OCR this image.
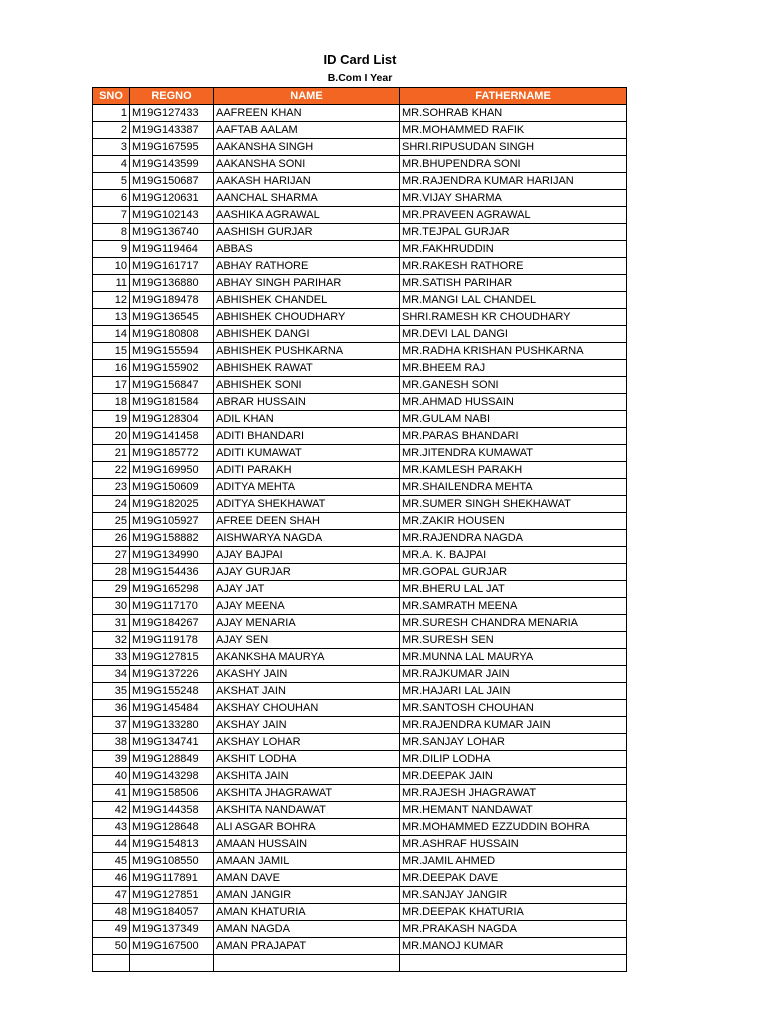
ID Card List
B.Com I Year
SNO	REGNO	NAME	FATHERNAME
1	M19G127433	AAFREEN KHAN	MR.SOHRAB KHAN
2	M19G143387	AAFTAB AALAM	MR.MOHAMMED RAFIK
3	M19G167595	AAKANSHA SINGH	SHRI.RIPUSUDAN SINGH
4	M19G143599	AAKANSHA SONI	MR.BHUPENDRA SONI
5	M19G150687	AAKASH HARIJAN	MR.RAJENDRA KUMAR HARIJAN
6	M19G120631	AANCHAL SHARMA	MR.VIJAY SHARMA
7	M19G102143	AASHIKA AGRAWAL	MR.PRAVEEN AGRAWAL
8	M19G136740	AASHISH GURJAR	MR.TEJPAL GURJAR
9	M19G119464	ABBAS	MR.FAKHRUDDIN
10	M19G161717	ABHAY RATHORE	MR.RAKESH RATHORE
11	M19G136880	ABHAY SINGH PARIHAR	MR.SATISH PARIHAR
12	M19G189478	ABHISHEK CHANDEL	MR.MANGI LAL CHANDEL
13	M19G136545	ABHISHEK CHOUDHARY	SHRI.RAMESH KR CHOUDHARY
14	M19G180808	ABHISHEK DANGI	MR.DEVI LAL DANGI
15	M19G155594	ABHISHEK PUSHKARNA	MR.RADHA KRISHAN PUSHKARNA
16	M19G155902	ABHISHEK RAWAT	MR.BHEEM RAJ
17	M19G156847	ABHISHEK SONI	MR.GANESH SONI
18	M19G181584	ABRAR HUSSAIN	MR.AHMAD HUSSAIN
19	M19G128304	ADIL KHAN	MR.GULAM NABI
20	M19G141458	ADITI BHANDARI	MR.PARAS BHANDARI
21	M19G185772	ADITI KUMAWAT	MR.JITENDRA KUMAWAT
22	M19G169950	ADITI PARAKH	MR.KAMLESH PARAKH
23	M19G150609	ADITYA MEHTA	MR.SHAILENDRA MEHTA
24	M19G182025	ADITYA SHEKHAWAT	MR.SUMER SINGH SHEKHAWAT
25	M19G105927	AFREE DEEN SHAH	MR.ZAKIR HOUSEN
26	M19G158882	AISHWARYA NAGDA	MR.RAJENDRA NAGDA
27	M19G134990	AJAY BAJPAI	MR.A. K. BAJPAI
28	M19G154436	AJAY GURJAR	MR.GOPAL GURJAR
29	M19G165298	AJAY JAT	MR.BHERU LAL JAT
30	M19G117170	AJAY MEENA	MR.SAMRATH MEENA
31	M19G184267	AJAY MENARIA	MR.SURESH CHANDRA MENARIA
32	M19G119178	AJAY SEN	MR.SURESH SEN
33	M19G127815	AKANKSHA MAURYA	MR.MUNNA LAL MAURYA
34	M19G137226	AKASHY JAIN	MR.RAJKUMAR JAIN
35	M19G155248	AKSHAT JAIN	MR.HAJARI LAL JAIN
36	M19G145484	AKSHAY CHOUHAN	MR.SANTOSH CHOUHAN
37	M19G133280	AKSHAY JAIN	MR.RAJENDRA KUMAR JAIN
38	M19G134741	AKSHAY LOHAR	MR.SANJAY LOHAR
39	M19G128849	AKSHIT LODHA	MR.DILIP LODHA
40	M19G143298	AKSHITA JAIN	MR.DEEPAK JAIN
41	M19G158506	AKSHITA JHAGRAWAT	MR.RAJESH JHAGRAWAT
42	M19G144358	AKSHITA NANDAWAT	MR.HEMANT NANDAWAT
43	M19G128648	ALI ASGAR BOHRA	MR.MOHAMMED EZZUDDIN BOHRA
44	M19G154813	AMAAN HUSSAIN	MR.ASHRAF HUSSAIN
45	M19G108550	AMAAN JAMIL	MR.JAMIL AHMED
46	M19G117891	AMAN DAVE	MR.DEEPAK DAVE
47	M19G127851	AMAN JANGIR	MR.SANJAY JANGIR
48	M19G184057	AMAN KHATURIA	MR.DEEPAK KHATURIA
49	M19G137349	AMAN NAGDA	MR.PRAKASH NAGDA
50	M19G167500	AMAN PRAJAPAT	MR.MANOJ KUMAR
